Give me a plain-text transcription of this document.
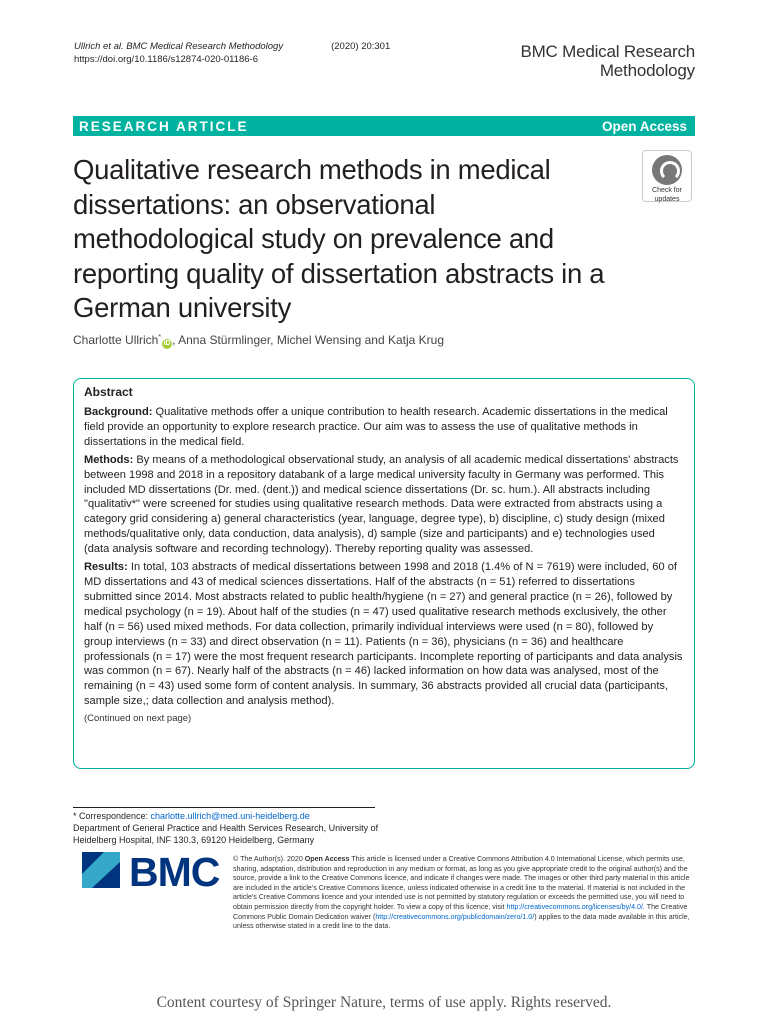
Ullrich et al. BMC Medical Research Methodology	(2020) 20:301
https://doi.org/10.1186/s12874-020-01186-6	BMC Medical Research
Methodology
RESEARCH ARTICLE	Open Access
Qualitative research methods in medical dissertations: an observational methodological study on prevalence and reporting quality of dissertation abstracts in a German university
Check for
updates
Charlotte Ullrich*iD , Anna Stürmlinger, Michel Wensing and Katja Krug
Abstract

Background: Qualitative methods offer a unique contribution to health research. Academic dissertations in the medical field provide an opportunity to explore research practice. Our aim was to assess the use of qualitative methods in dissertations in the medical field.

Methods: By means of a methodological observational study, an analysis of all academic medical dissertations' abstracts between 1998 and 2018 in a repository databank of a large medical university faculty in Germany was performed. This included MD dissertations (Dr. med. (dent.)) and medical science dissertations (Dr. sc. hum.). All abstracts including "qualitativ*" were screened for studies using qualitative research methods. Data were extracted from abstracts using a category grid considering a) general characteristics (year, language, degree type), b) discipline, c) study design (mixed methods/qualitative only, data conduction, data analysis), d) sample (size and participants) and e) technologies used (data analysis software and recording technology). Thereby reporting quality was assessed.

Results: In total, 103 abstracts of medical dissertations between 1998 and 2018 (1.4% of N = 7619) were included, 60 of MD dissertations and 43 of medical sciences dissertations. Half of the abstracts (n = 51) referred to dissertations submitted since 2014. Most abstracts related to public health/hygiene (n = 27) and general practice (n = 26), followed by medical psychology (n = 19). About half of the studies (n = 47) used qualitative research methods exclusively, the other half (n = 56) used mixed methods. For data collection, primarily individual interviews were used (n = 80), followed by group interviews (n = 33) and direct observation (n = 11). Patients (n = 36), physicians (n = 36) and healthcare professionals (n = 17) were the most frequent research participants. Incomplete reporting of participants and data analysis was common (n = 67). Nearly half of the abstracts (n = 46) lacked information on how data was analysed, most of the remaining (n = 43) used some form of content analysis. In summary, 36 abstracts provided all crucial data (participants, sample size,; data collection and analysis method).

(Continued on next page)

* Correspondence: charlotte.ullrich@med.uni-heidelberg.de
Department of General Practice and Health Services Research, University of Heidelberg Hospital, INF 130.3, 69120 Heidelberg, Germany
BMC © The Author(s). 2020 Open Access This article is licensed under a Creative Commons Attribution 4.0 International License, which permits use, sharing, adaptation, distribution and reproduction in any medium or format, as long as you give appropriate credit to the original author(s) and the source, provide a link to the Creative Commons licence, and indicate if changes were made. The images or other third party material in this article are included in the article's Creative Commons licence, unless indicated otherwise in a credit line to the material. If material is not included in the article's Creative Commons licence and your intended use is not permitted by statutory regulation or exceeds the permitted use, you will need to obtain permission directly from the copyright holder. To view a copy of this licence, visit http://creativecommons.org/licenses/by/4.0/. The Creative Commons Public Domain Dedication waiver (http://creativecommons.org/publicdomain/zero/1.0/) applies to the data made available in this article, unless otherwise stated in a credit line to the data.
Content courtesy of Springer Nature, terms of use apply. Rights reserved.
